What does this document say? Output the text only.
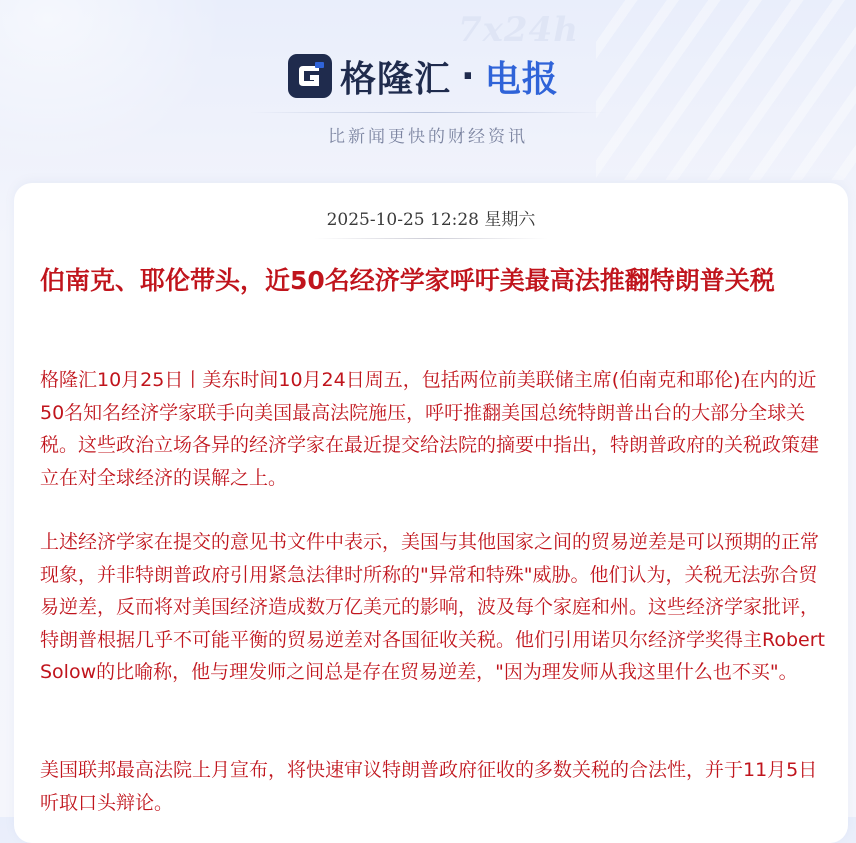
7x24h
格隆汇 · 电报
比新闻更快的财经资讯
2025-10-25 12:28 星期六
伯南克、耶伦带头，近50名经济学家呼吁美最高法推翻特朗普关税

格隆汇10月25日丨美东时间10月24日周五，包括两位前美联储主席(伯南克和耶伦)在内的近50名知名经济学家联手向美国最高法院施压，呼吁推翻美国总统特朗普出台的大部分全球关税。这些政治立场各异的经济学家在最近提交给法院的摘要中指出，特朗普政府的关税政策建立在对全球经济的误解之上。

上述经济学家在提交的意见书文件中表示，美国与其他国家之间的贸易逆差是可以预期的正常现象，并非特朗普政府引用紧急法律时所称的"异常和特殊"威胁。他们认为，关税无法弥合贸易逆差，反而将对美国经济造成数万亿美元的影响，波及每个家庭和州。这些经济学家批评，特朗普根据几乎不可能平衡的贸易逆差对各国征收关税。他们引用诺贝尔经济学奖得主Robert Solow的比喻称，他与理发师之间总是存在贸易逆差，"因为理发师从我这里什么也不买"。

美国联邦最高法院上月宣布，将快速审议特朗普政府征收的多数关税的合法性，并于11月5日听取口头辩论。
